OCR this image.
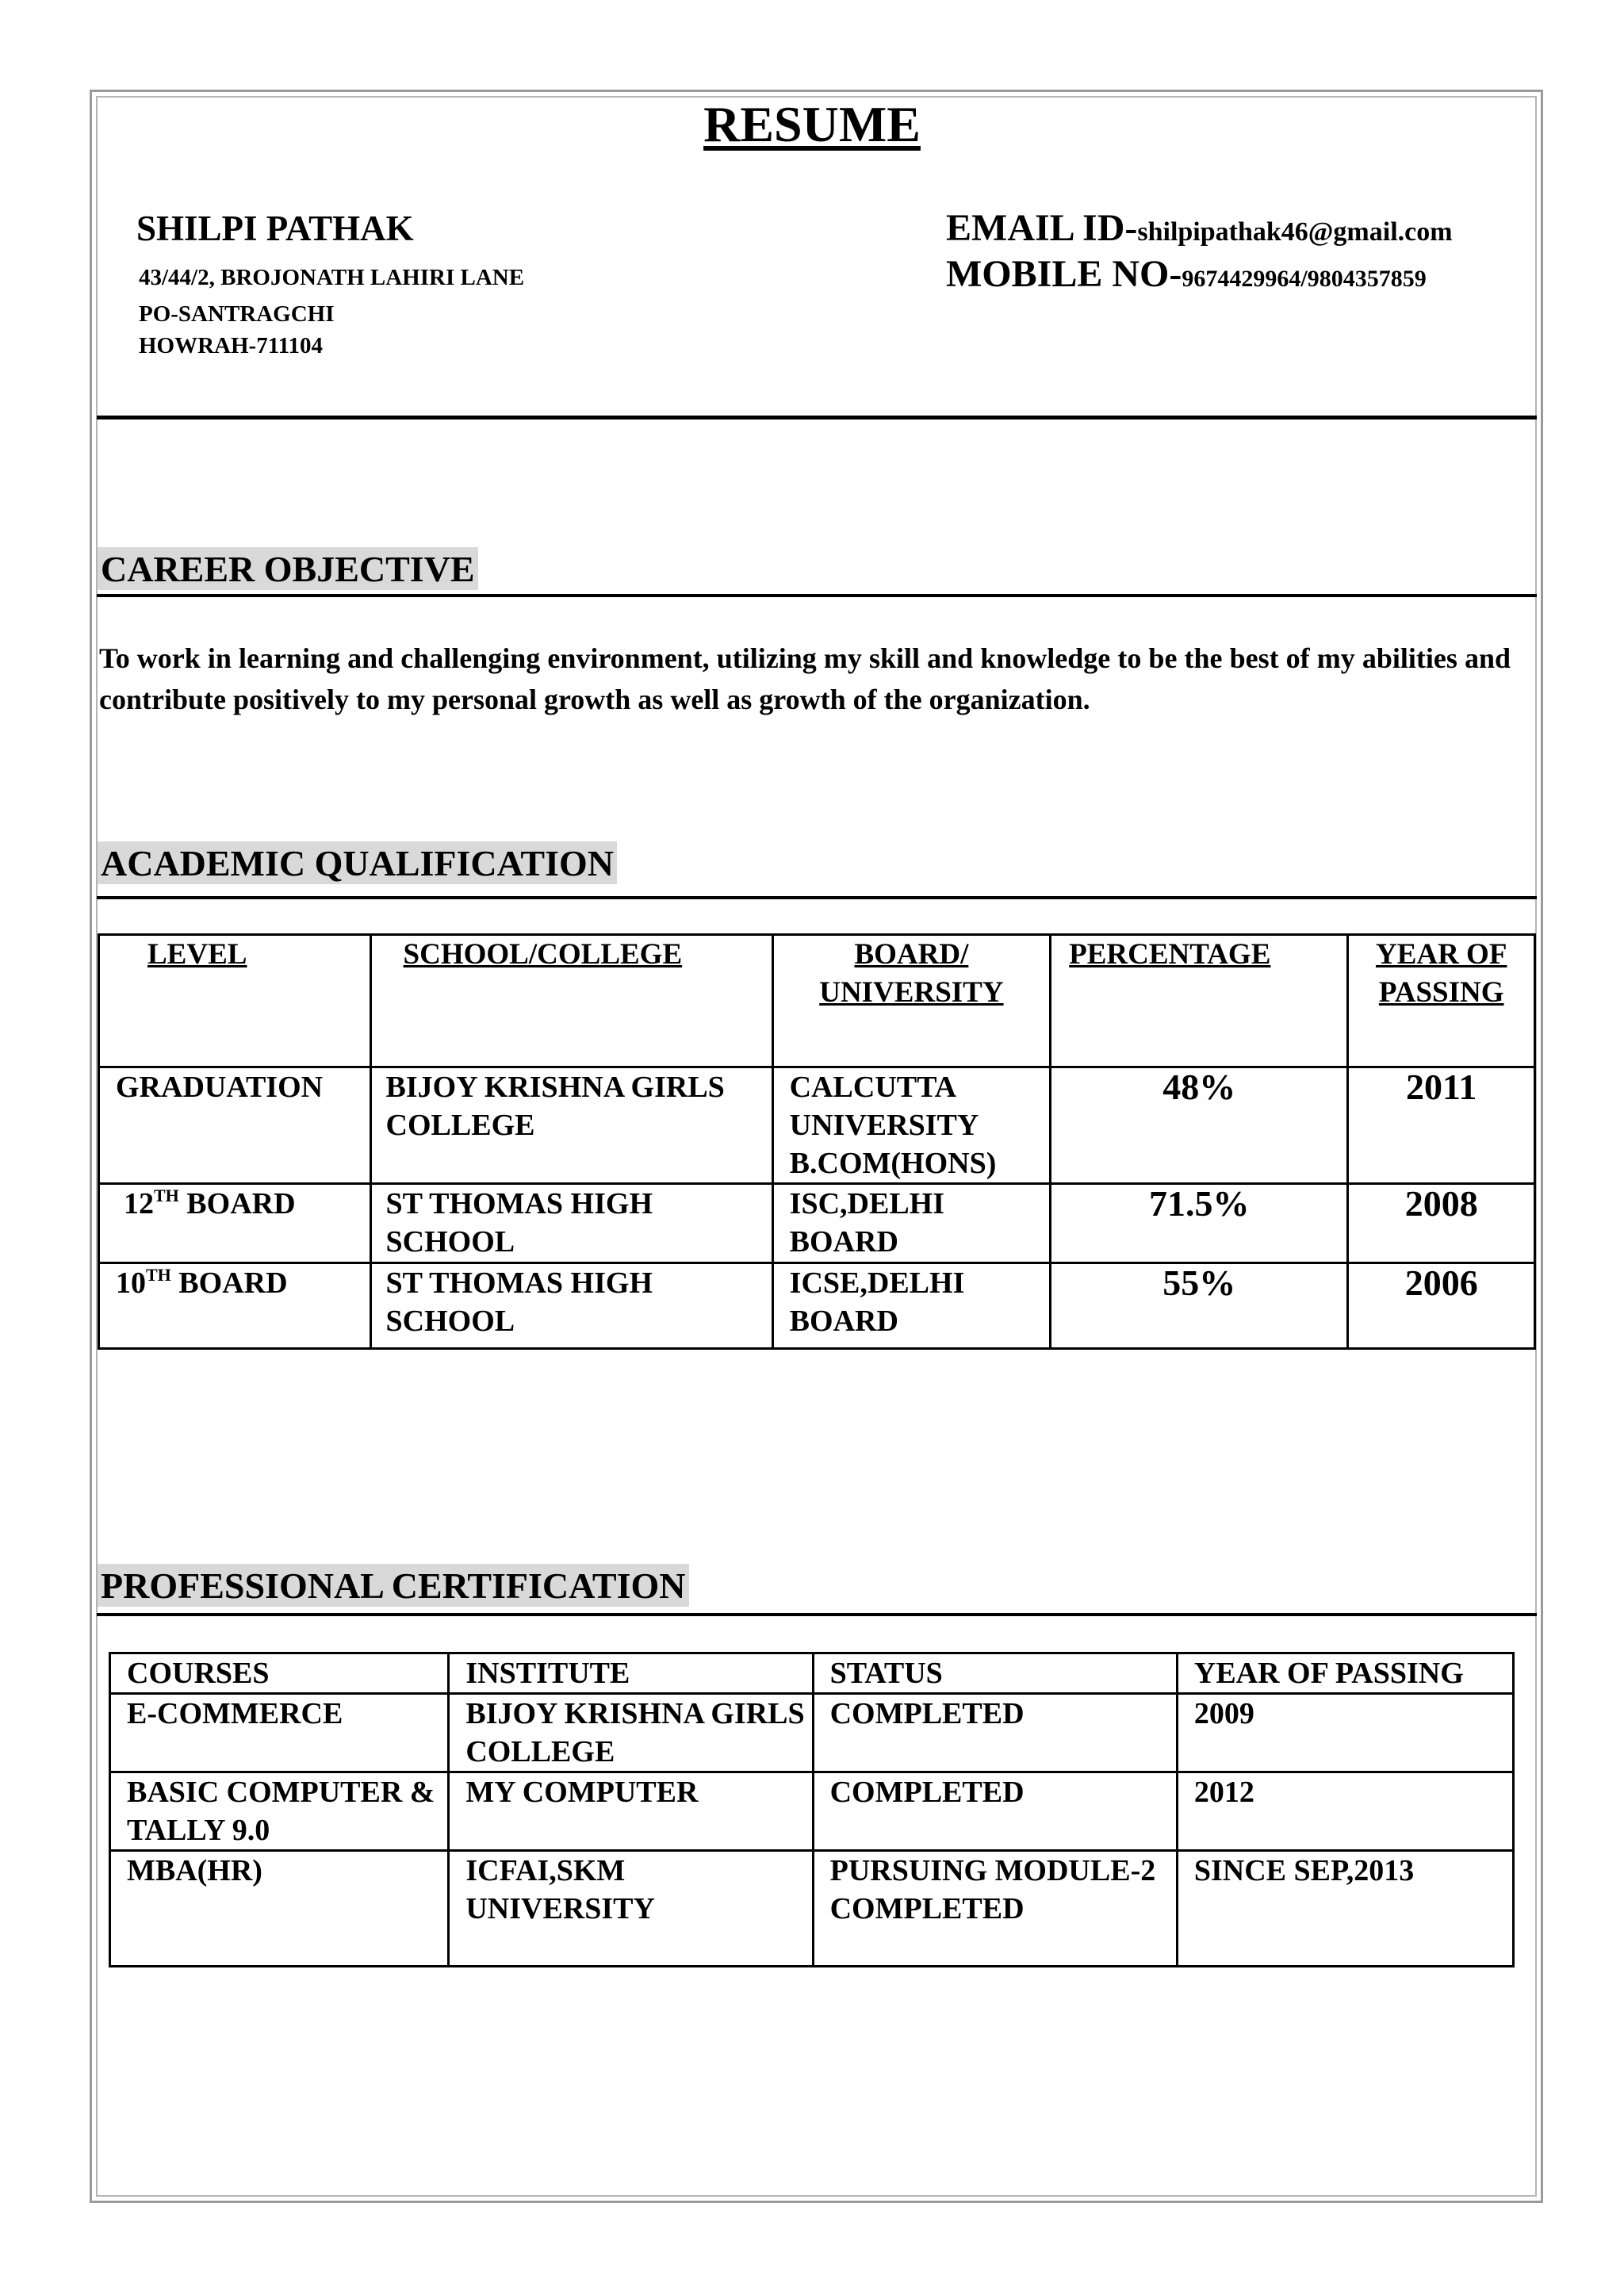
RESUME
SHILPI PATHAK
43/44/2, BROJONATH LAHIRI LANE
PO-SANTRAGCHI
HOWRAH-711104
EMAIL ID-shilpipathak46@gmail.com
MOBILE NO-9674429964/9804357859
CAREER OBJECTIVE
To work in learning and challenging environment, utilizing my skill and knowledge to be the best of my abilities and contribute positively to my personal growth as well as growth of the organization.
ACADEMIC QUALIFICATION
LEVEL	SCHOOL/COLLEGE	BOARD/ UNIVERSITY	PERCENTAGE	YEAR OF PASSING
GRADUATION	BIJOY KRISHNA GIRLS COLLEGE	CALCUTTA UNIVERSITY B.COM(HONS)	48%	2011
12TH BOARD	ST THOMAS HIGH SCHOOL	ISC,DELHI BOARD	71.5%	2008
10TH BOARD	ST THOMAS HIGH SCHOOL	ICSE,DELHI BOARD	55%	2006
PROFESSIONAL CERTIFICATION
COURSES	INSTITUTE	STATUS	YEAR OF PASSING
E-COMMERCE	BIJOY KRISHNA GIRLS COLLEGE	COMPLETED	2009
BASIC COMPUTER & TALLY 9.0	MY COMPUTER	COMPLETED	2012
MBA(HR)	ICFAI,SKM UNIVERSITY	PURSUING MODULE-2 COMPLETED	SINCE SEP,2013
